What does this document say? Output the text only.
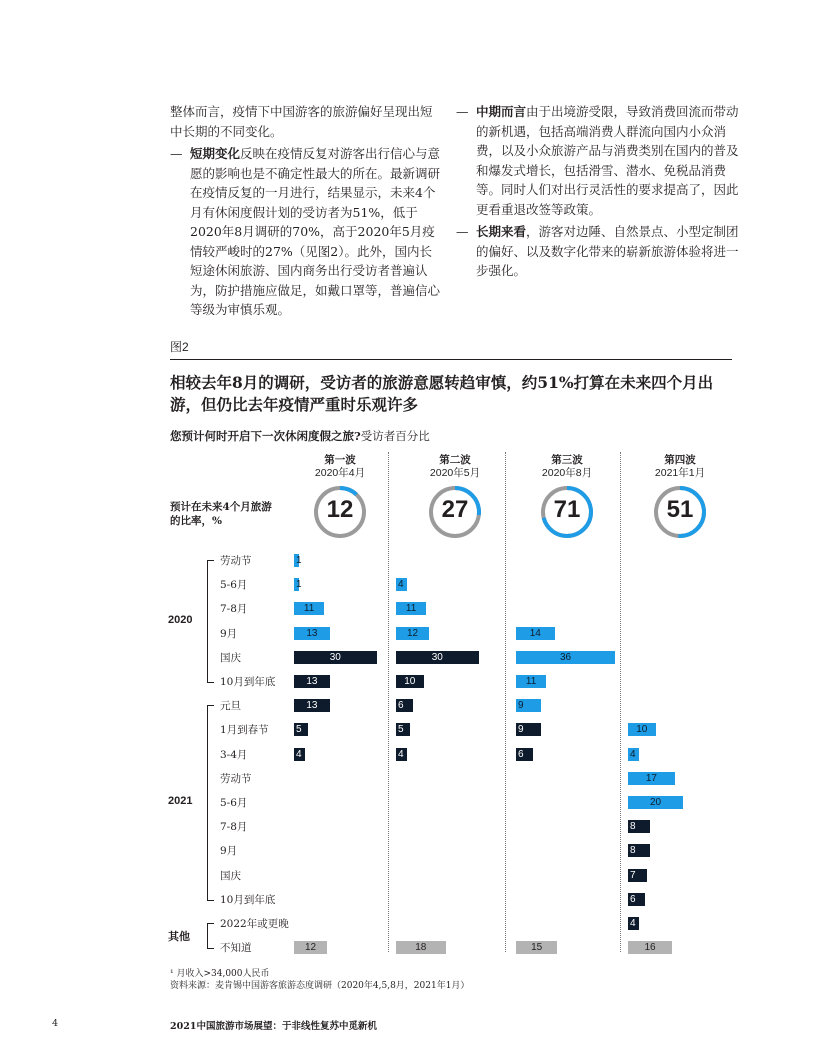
整体而言，疫情下中国游客的旅游偏好呈现出短中长期的不同变化。
— 短期变化反映在疫情反复对游客出行信心与意愿的影响也是不确定性最大的所在。最新调研在疫情反复的一月进行，结果显示，未来4个月有休闲度假计划的受访者为51%，低于2020年8月调研的70%，高于2020年5月疫情较严峻时的27%（见图2）。此外，国内长短途休闲旅游、国内商务出行受访者普遍认为，防护措施应做足，如戴口罩等，普遍信心等级为审慎乐观。
— 中期而言由于出境游受限，导致消费回流而带动的新机遇，包括高端消费人群流向国内小众消费，以及小众旅游产品与消费类别在国内的普及和爆发式增长，包括滑雪、潜水、免税品消费等。同时人们对出行灵活性的要求提高了，因此更看重退改签等政策。
— 长期来看，游客对边陲、自然景点、小型定制团的偏好、以及数字化带来的崭新旅游体验将进一步强化。
图2
相较去年8月的调研，受访者的旅游意愿转趋审慎，约51%打算在未来四个月出游，但仍比去年疫情严重时乐观许多
您预计何时开启下一次休闲度假之旅?受访者百分比
第一波
2020年4月
12
第二波
2020年5月
27
第三波
2020年8月
71
第四波
2021年1月
51
2020
劳动节
5-6月
7-8月
9月
国庆
10月到年底
2021
元旦
1月到春节
3-4月
劳动节
5-6月
7-8月
9月
国庆
10月到年底
其他
2022年或更晚
不知道
1
1
11
13
30
13
13
5
4
12
4
11
12
30
10
6
5
4
18
14
36
11
9
9
6
15
10
4
17
20
8
8
7
6
4
16
预计在未来4个月旅游
的比率，%
¹ 月收入>34,000人民币
资料来源：麦肯锡中国游客旅游态度调研（2020年4,5,8月，2021年1月）
4	2021中国旅游市场展望：于非线性复苏中觅新机
